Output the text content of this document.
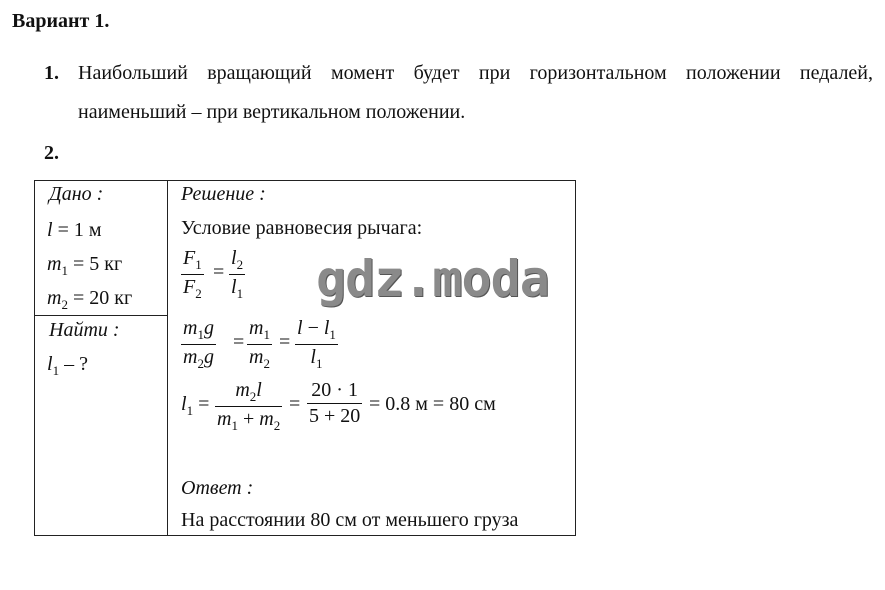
Вариант 1.
1. Наибольший вращающий момент будет при горизонтальном положении педалей,
наименьший – при вертикальном положении.
2.
Дано :
l = 1 м
$m_1 = 5$ кг
$m_2 = 20$ кг
Найти :
$l_1$ – ?
Решение :
Условие равновесия рычага:
$F_1$
$F_2$
=
$l_2$
$l_1$
$m_1g$
$m_2g$
=
$m_1$
$m_2$
=
$l - l_1$
$l_1$
$l_1$ =
$m_2l$
$m_1 + m_2$
=
20 · 1
5 + 20
= 0.8 м = 80 см
Ответ :
На расстоянии 80 см от меньшего груза
gdz.moda
